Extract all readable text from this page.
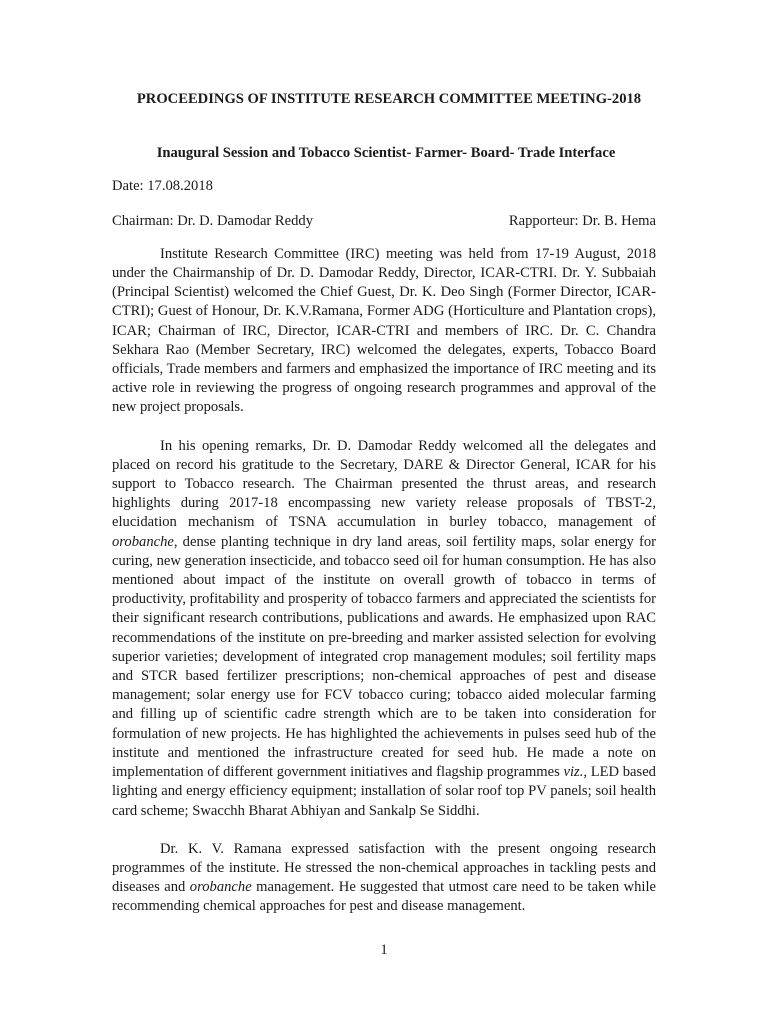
PROCEEDINGS OF INSTITUTE RESEARCH COMMITTEE MEETING-2018

Inaugural Session and Tobacco Scientist- Farmer- Board- Trade Interface

Date: 17.08.2018

Chairman: Dr. D. Damodar Reddy	Rapporteur: Dr. B. Hema

Institute Research Committee (IRC) meeting was held from 17-19 August, 2018 under the Chairmanship of Dr. D. Damodar Reddy, Director, ICAR-CTRI. Dr. Y. Subbaiah (Principal Scientist) welcomed the Chief Guest, Dr. K. Deo Singh (Former Director, ICAR-CTRI); Guest of Honour, Dr. K.V.Ramana, Former ADG (Horticulture and Plantation crops), ICAR; Chairman of IRC, Director, ICAR-CTRI and members of IRC. Dr. C. Chandra Sekhara Rao (Member Secretary, IRC) welcomed the delegates, experts, Tobacco Board officials, Trade members and farmers and emphasized the importance of IRC meeting and its active role in reviewing the progress of ongoing research programmes and approval of the new project proposals.

In his opening remarks, Dr. D. Damodar Reddy welcomed all the delegates and placed on record his gratitude to the Secretary, DARE & Director General, ICAR for his support to Tobacco research. The Chairman presented the thrust areas, and research highlights during 2017-18 encompassing new variety release proposals of TBST-2, elucidation mechanism of TSNA accumulation in burley tobacco, management of orobanche, dense planting technique in dry land areas, soil fertility maps, solar energy for curing, new generation insecticide, and tobacco seed oil for human consumption. He has also mentioned about impact of the institute on overall growth of tobacco in terms of productivity, profitability and prosperity of tobacco farmers and appreciated the scientists for their significant research contributions, publications and awards. He emphasized upon RAC recommendations of the institute on pre-breeding and marker assisted selection for evolving superior varieties; development of integrated crop management modules; soil fertility maps and STCR based fertilizer prescriptions; non-chemical approaches of pest and disease management; solar energy use for FCV tobacco curing; tobacco aided molecular farming and filling up of scientific cadre strength which are to be taken into consideration for formulation of new projects. He has highlighted the achievements in pulses seed hub of the institute and mentioned the infrastructure created for seed hub. He made a note on implementation of different government initiatives and flagship programmes viz., LED based lighting and energy efficiency equipment; installation of solar roof top PV panels; soil health card scheme; Swacchh Bharat Abhiyan and Sankalp Se Siddhi.

Dr. K. V. Ramana expressed satisfaction with the present ongoing research programmes of the institute. He stressed the non-chemical approaches in tackling pests and diseases and orobanche management. He suggested that utmost care need to be taken while recommending chemical approaches for pest and disease management.

1
